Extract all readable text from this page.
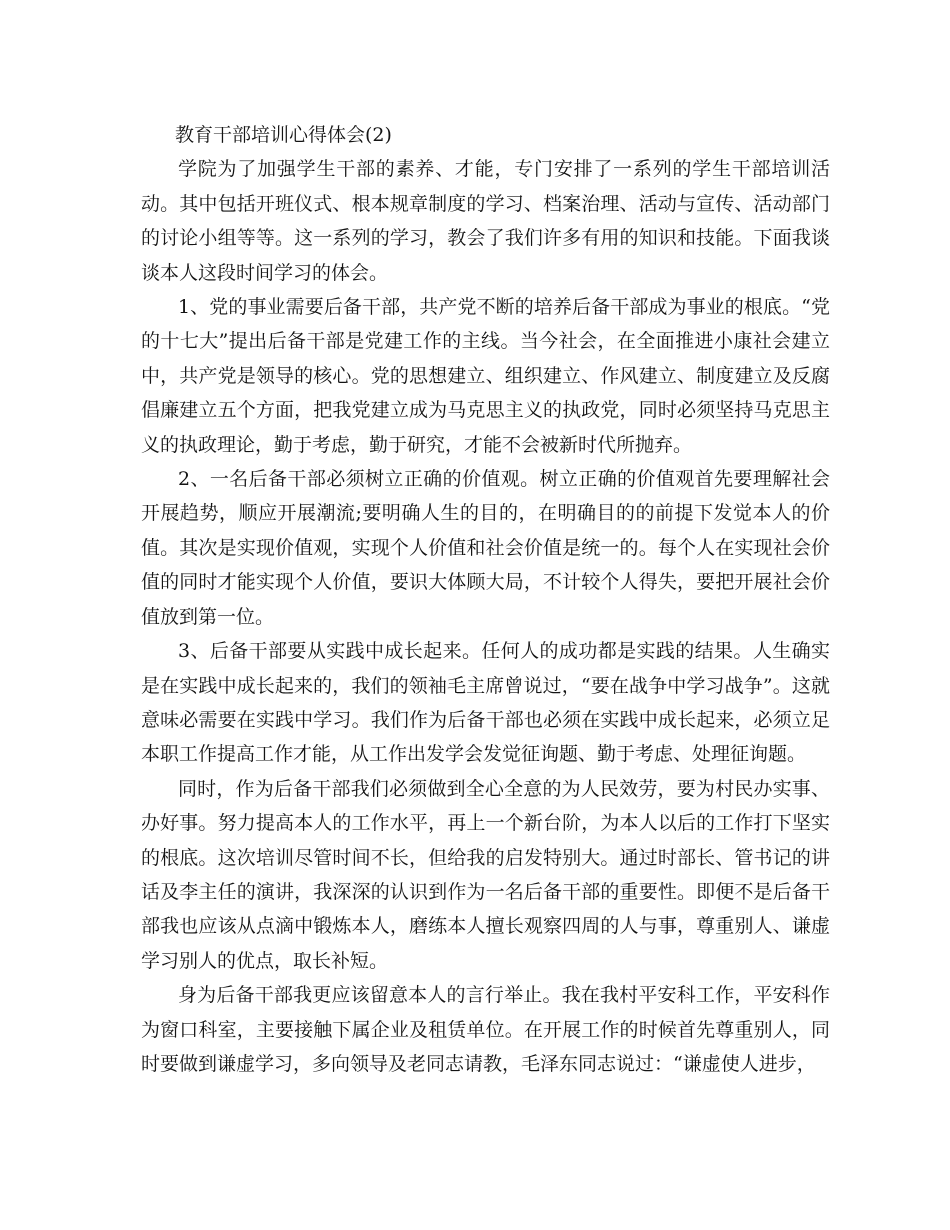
教育干部培训心得体会(2)

学院为了加强学生干部的素养、才能，专门安排了一系列的学生干部培训活动。其中包括开班仪式、根本规章制度的学习、档案治理、活动与宣传、活动部门的讨论小组等等。这一系列的学习，教会了我们许多有用的知识和技能。下面我谈谈本人这段时间学习的体会。

1、党的事业需要后备干部，共产党不断的培养后备干部成为事业的根底。“党的十七大”提出后备干部是党建工作的主线。当今社会，在全面推进小康社会建立中，共产党是领导的核心。党的思想建立、组织建立、作风建立、制度建立及反腐倡廉建立五个方面，把我党建立成为马克思主义的执政党，同时必须坚持马克思主义的执政理论，勤于考虑，勤于研究，才能不会被新时代所抛弃。

2、一名后备干部必须树立正确的价值观。树立正确的价值观首先要理解社会开展趋势，顺应开展潮流;要明确人生的目的，在明确目的的前提下发觉本人的价值。其次是实现价值观，实现个人价值和社会价值是统一的。每个人在实现社会价值的同时才能实现个人价值，要识大体顾大局，不计较个人得失，要把开展社会价值放到第一位。

3、后备干部要从实践中成长起来。任何人的成功都是实践的结果。人生确实是在实践中成长起来的，我们的领袖毛主席曾说过，“要在战争中学习战争”。这就意味必需要在实践中学习。我们作为后备干部也必须在实践中成长起来，必须立足本职工作提高工作才能，从工作出发学会发觉征询题、勤于考虑、处理征询题。

同时，作为后备干部我们必须做到全心全意的为人民效劳，要为村民办实事、办好事。努力提高本人的工作水平，再上一个新台阶，为本人以后的工作打下坚实的根底。这次培训尽管时间不长，但给我的启发特别大。通过时部长、管书记的讲话及李主任的演讲，我深深的认识到作为一名后备干部的重要性。即便不是后备干部我也应该从点滴中锻炼本人，磨练本人擅长观察四周的人与事，尊重别人、谦虚学习别人的优点，取长补短。

身为后备干部我更应该留意本人的言行举止。我在我村平安科工作，平安科作为窗口科室，主要接触下属企业及租赁单位。在开展工作的时候首先尊重别人，同时要做到谦虚学习，多向领导及老同志请教，毛泽东同志说过：“谦虚使人进步，
